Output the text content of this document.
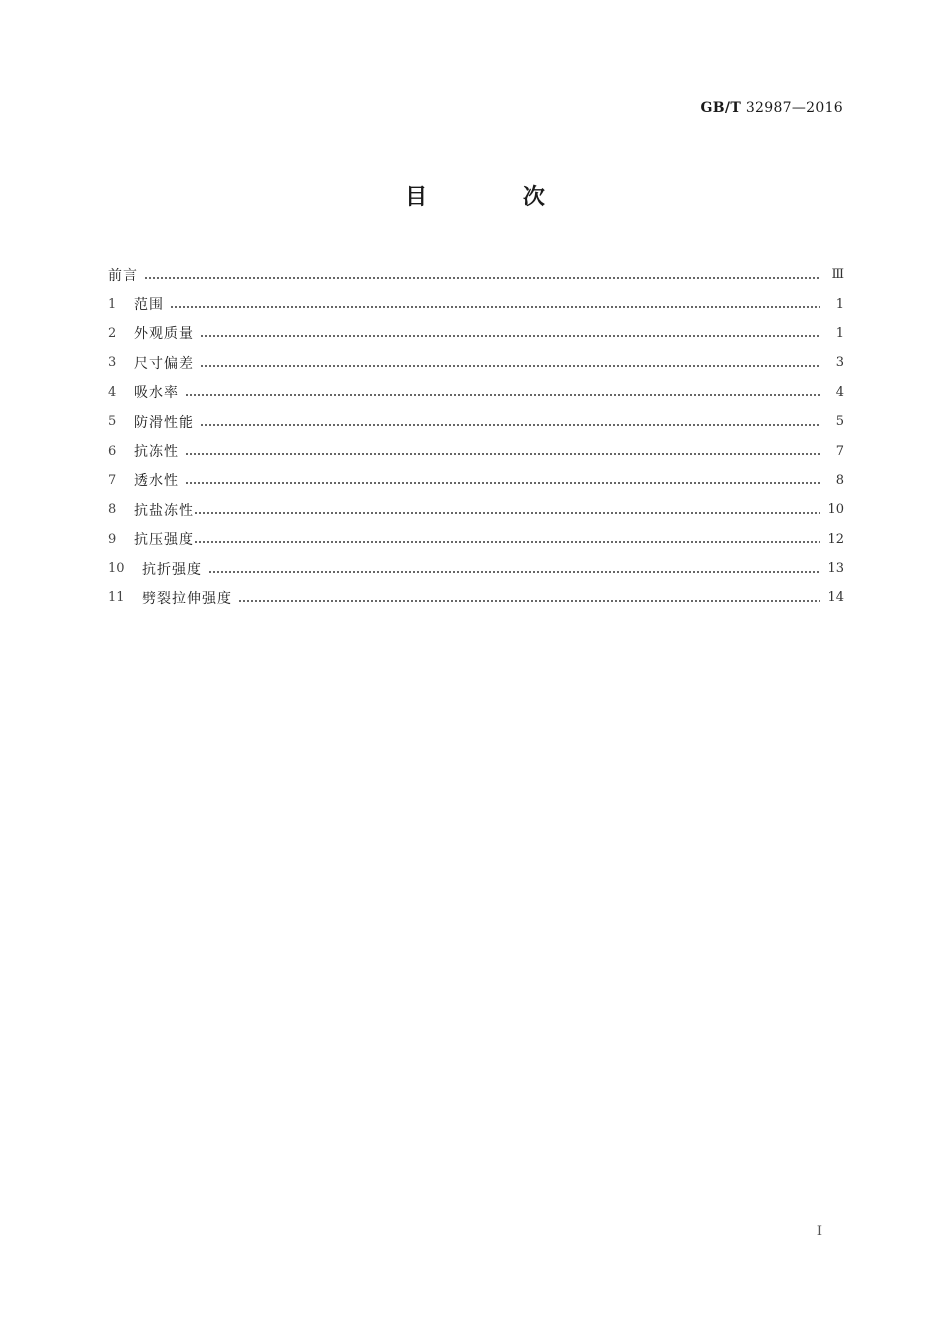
GB/T 32987—2016
目 次
前言	Ⅲ
1	范围	1
2	外观质量	1
3	尺寸偏差	3
4	吸水率	4
5	防滑性能	5
6	抗冻性	7
7	透水性	8
8	抗盐冻性	10
9	抗压强度	12
10	抗折强度	13
11	劈裂拉伸强度	14
I
